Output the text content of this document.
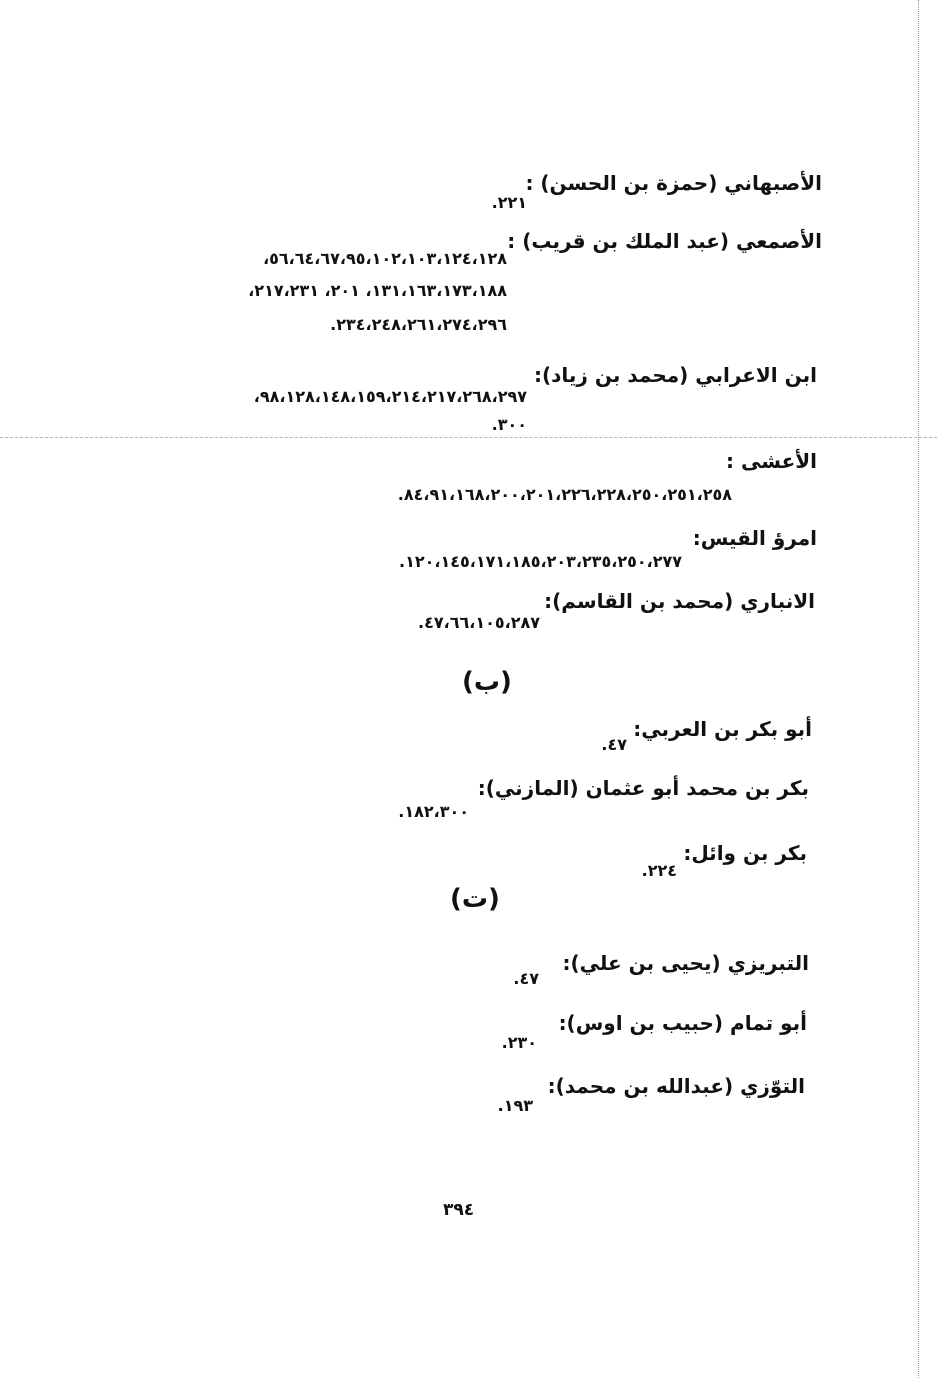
الأصبهاني (حمزة بن الحسن) :
٢٢١.
الأصمعي (عبد الملك بن قريب) :
٥٦،٦٤،٦٧،٩٥،١٠٢،١٠٣،١٢٤،١٢٨،
١٣١،١٦٣،١٧٣،١٨٨، ٢٠١، ٢١٧،٢٣١،
٢٣٤،٢٤٨،٢٦١،٢٧٤،٢٩٦.
ابن الاعرابي (محمد بن زياد):
٩٨،١٢٨،١٤٨،١٥٩،٢١٤،٢١٧،٢٦٨،٢٩٧،
٣٠٠.
الأعشى :
٨٤،٩١،١٦٨،٢٠٠،٢٠١،٢٢٦،٢٢٨،٢٥٠،٢٥١،٢٥٨.
امرؤ القيس:
١٢٠،١٤٥،١٧١،١٨٥،٢٠٣،٢٣٥،٢٥٠،٢٧٧.
الانباري (محمد بن القاسم):
٤٧،٦٦،١٠٥،٢٨٧.
(ب)
أبو بكر بن العربي:
٤٧.
بكر بن محمد أبو عثمان (المازني):
١٨٢،٣٠٠.
بكر بن وائل:
٢٢٤.
(ت)
التبريزي (يحيى بن علي):
٤٧.
أبو تمام (حبيب بن اوس):
٢٣٠.
التوّزي (عبدالله بن محمد):
١٩٣.
٣٩٤
